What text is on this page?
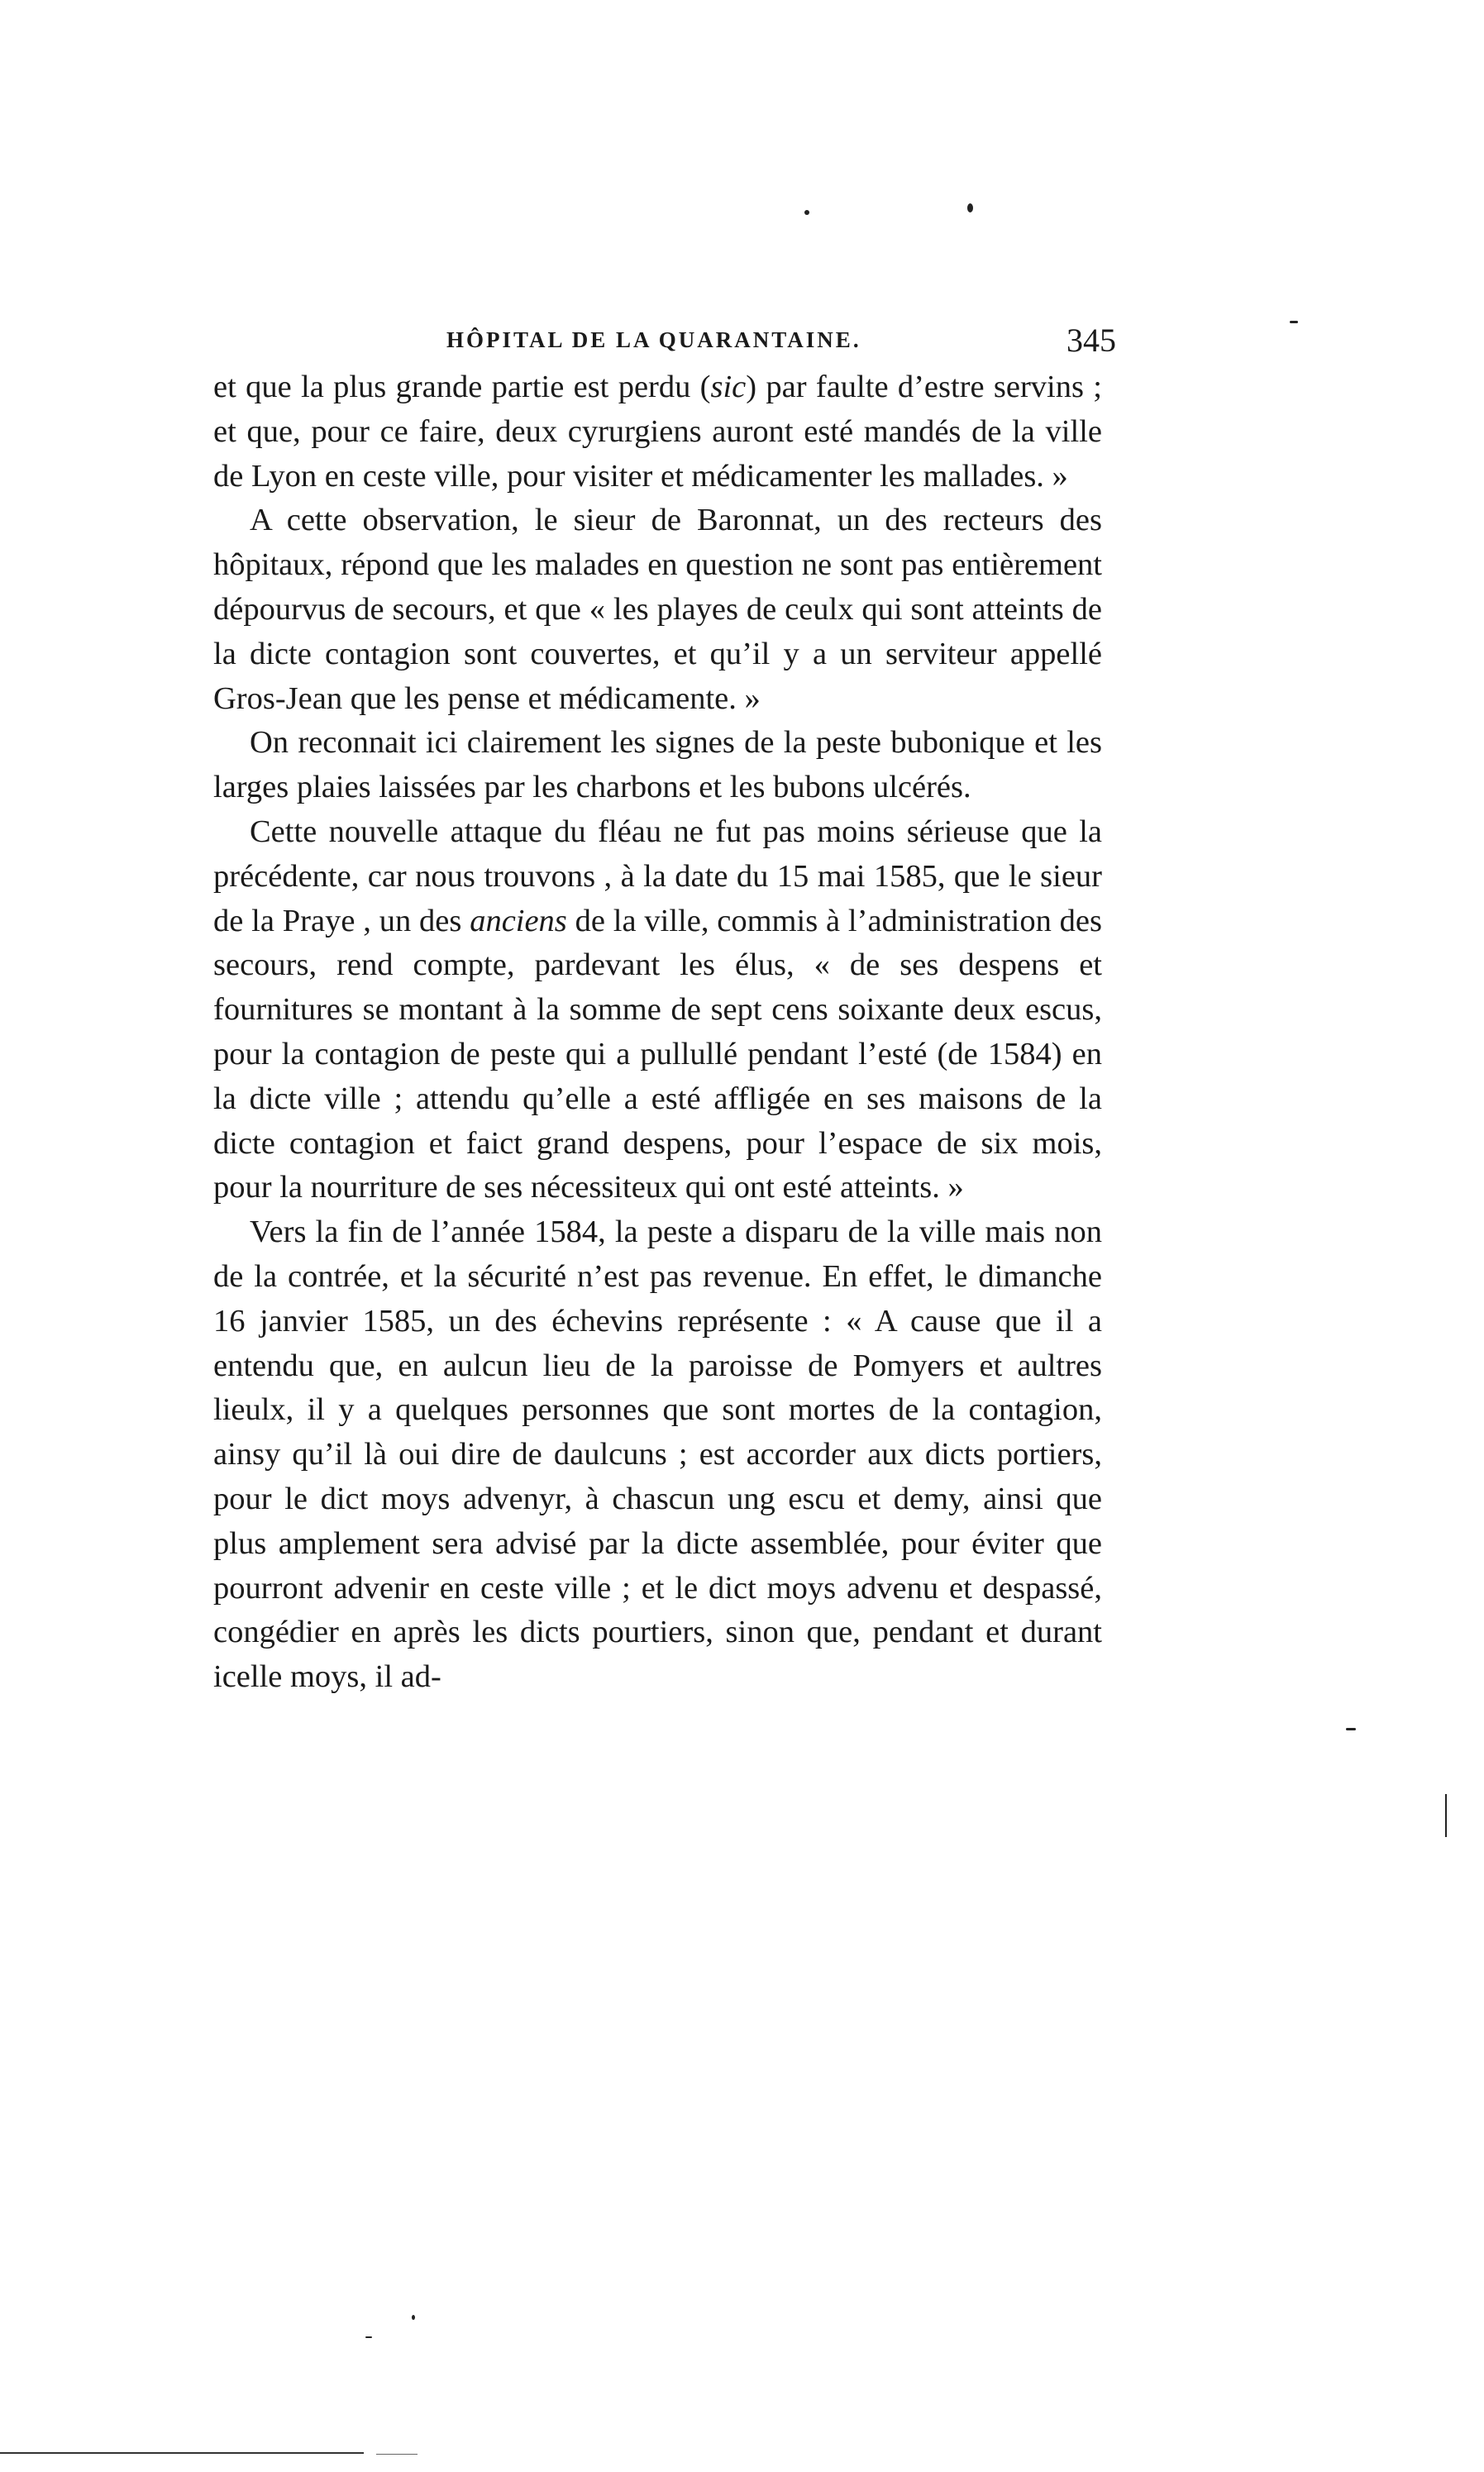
HÔPITAL DE LA QUARANTAINE.	345

et que la plus grande partie est perdu (sic) par faulte d’estre servins ; et que, pour ce faire, deux cyrurgiens auront esté mandés de la ville de Lyon en ceste ville, pour visiter et médicamenter les mallades. »

A cette observation, le sieur de Baronnat, un des recteurs des hôpitaux, répond que les malades en question ne sont pas entièrement dépourvus de secours, et que « les playes de ceulx qui sont atteints de la dicte contagion sont couvertes, et qu’il y a un serviteur appellé Gros-Jean que les pense et médicamente. »

On reconnait ici clairement les signes de la peste bubonique et les larges plaies laissées par les charbons et les bubons ulcérés.

Cette nouvelle attaque du fléau ne fut pas moins sérieuse que la précédente, car nous trouvons , à la date du 15 mai 1585, que le sieur de la Praye , un des anciens de la ville, commis à l’administration des secours, rend compte, pardevant les élus, « de ses despens et fournitures se montant à la somme de sept cens soixante deux escus, pour la contagion de peste qui a pullullé pendant l’esté (de 1584) en la dicte ville ; attendu qu’elle a esté affligée en ses maisons de la dicte contagion et faict grand despens, pour l’espace de six mois, pour la nourriture de ses nécessiteux qui ont esté atteints. »

Vers la fin de l’année 1584, la peste a disparu de la ville mais non de la contrée, et la sécurité n’est pas revenue. En effet, le dimanche 16 janvier 1585, un des échevins représente : « A cause que il a entendu que, en aulcun lieu de la paroisse de Pomyers et aultres lieulx, il y a quelques personnes que sont mortes de la contagion, ainsy qu’il là oui dire de daulcuns ; est accorder aux dicts portiers, pour le dict moys advenyr, à chascun ung escu et demy, ainsi que plus amplement sera advisé par la dicte assemblée, pour éviter que pourront advenir en ceste ville ; et le dict moys advenu et despassé, congédier en après les dicts pourtiers, sinon que, pendant et durant icelle moys, il ad-
